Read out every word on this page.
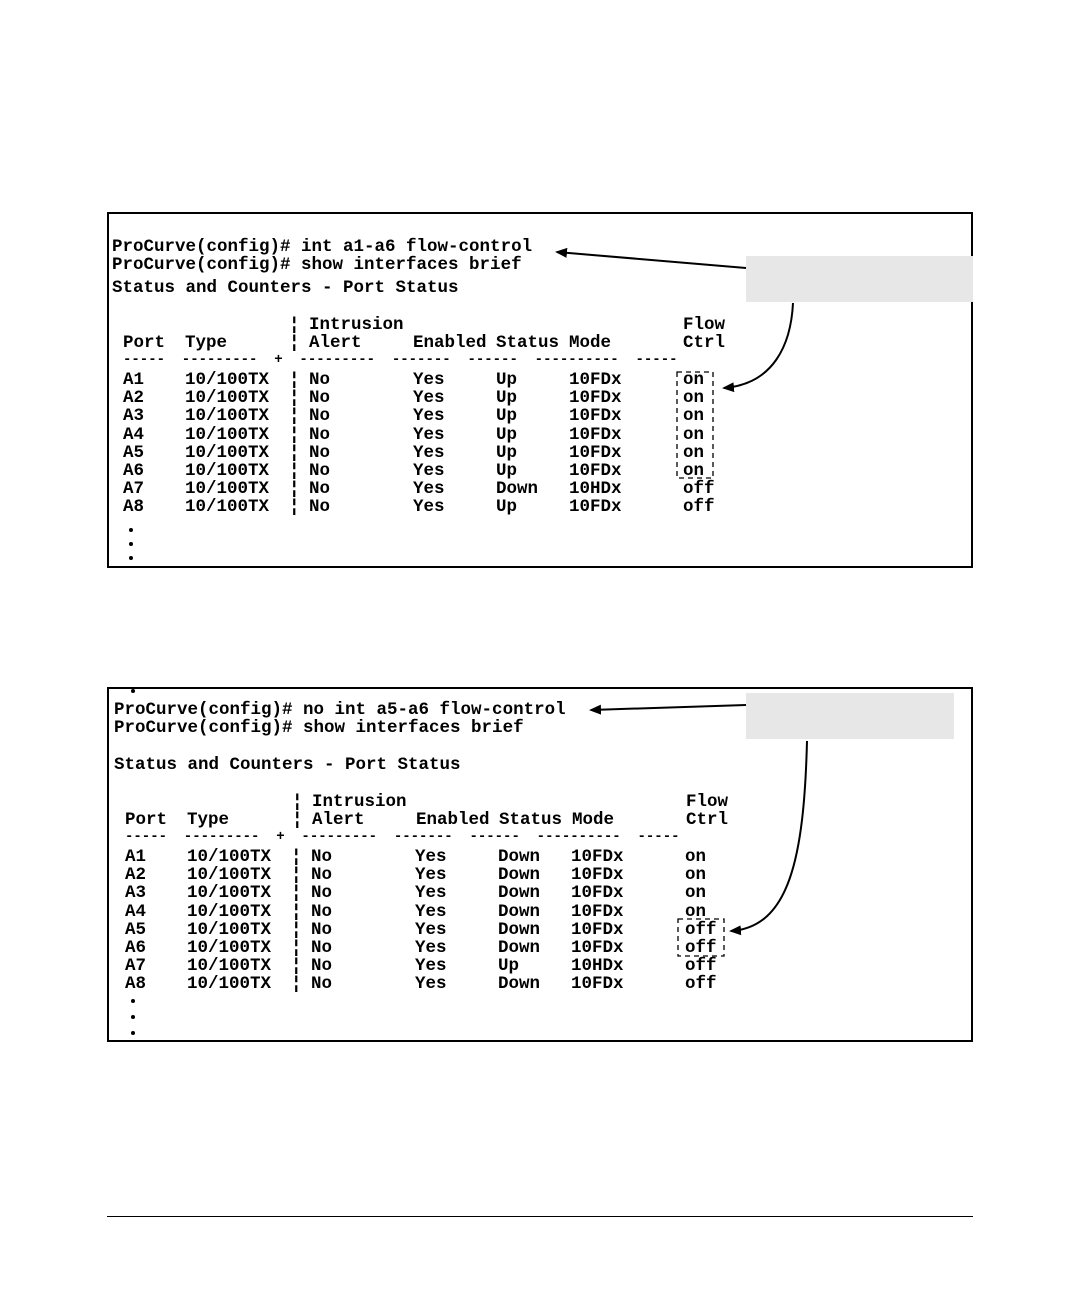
ProCurve(config)# int a1-a6 flow-control
ProCurve(config)# show interfaces brief
Status and Counters - Port Status
Intrusion	Flow
¦
Port Type	¦ Alert	Enabled Status Mode	Ctrl
-----  ---------  +  ---------  -------  ------  ----------  -----
A1 10/100TX No	Yes	Up	10FDx	on
¦
A2 10/100TX No	Yes	Up	10FDx	on
¦
A3 10/100TX No	Yes	Up	10FDx	on
¦
A4 10/100TX No	Yes	Up	10FDx	on
¦
A5 10/100TX No	Yes	Up	10FDx	on
¦
A6 10/100TX No	Yes	Up	10FDx	on
¦
A7 10/100TX No	Yes	Down 10HDx	off
¦
A8 10/100TX No	Yes	Up	10FDx	off
¦
ProCurve(config)# no int a5-a6 flow-control
ProCurve(config)# show interfaces brief
Status and Counters - Port Status
Intrusion	Flow
¦
Port Type	¦ Alert	Enabled Status Mode	Ctrl
-----  ---------  +  ---------  -------  ------  ----------  -----
A1 10/100TX No	Yes	Down 10FDx	on
¦
A2 10/100TX No	Yes	Down 10FDx	on
¦
A3 10/100TX No	Yes	Down 10FDx	on
¦
A4 10/100TX No	Yes	Down 10FDx	on
¦
A5 10/100TX No	Yes	Down 10FDx	off
¦
A6 10/100TX No	Yes	Down 10FDx	off
¦
A7 10/100TX No	Yes	Up	10HDx	off
¦
A8 10/100TX No	Yes	Down 10FDx	off
¦
